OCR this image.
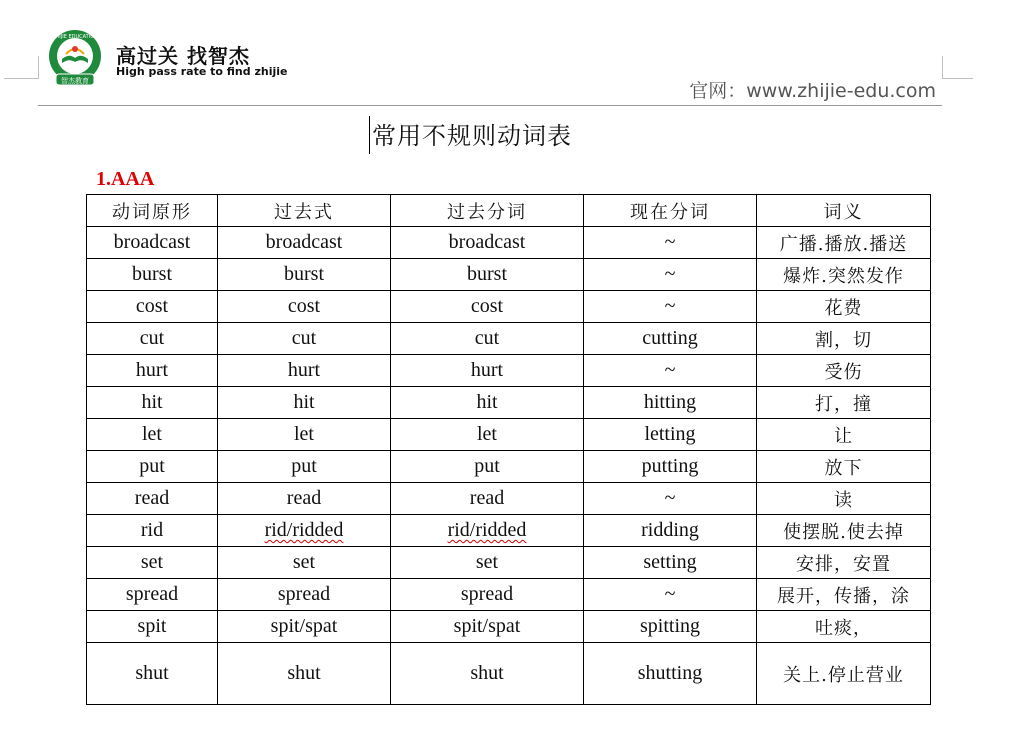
智杰教育
ZHIJIE EDUCATION
高过关 找智杰
High pass rate to find zhijie
官网：www.zhijie-edu.com
常用不规则动词表
1.AAA
动词原形	过去式	过去分词	现在分词	词义
broadcast	broadcast	broadcast	~	广播.播放.播送
burst	burst	burst	~	爆炸.突然发作
cost	cost	cost	~	花费
cut	cut	cut	cutting	割，切
hurt	hurt	hurt	~	受伤
hit	hit	hit	hitting	打，撞
let	let	let	letting	让
put	put	put	putting	放下
read	read	read	~	读
rid	rid/ridded	rid/ridded	ridding	使摆脱.使去掉
set	set	set	setting	安排，安置
spread	spread	spread	~	展开，传播，涂
spit	spit/spat	spit/spat	spitting	吐痰，
shut	shut	shut	shutting	关上.停止营业
